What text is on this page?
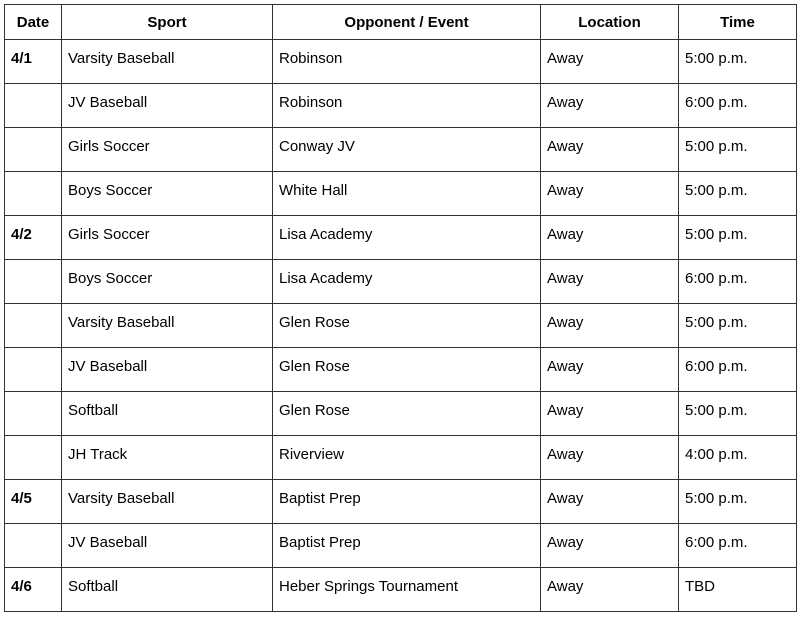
Date	Sport	Opponent / Event	Location	Time
4/1	Varsity Baseball	Robinson	Away	5:00 p.m.
	JV Baseball	Robinson	Away	6:00 p.m.
	Girls Soccer	Conway JV	Away	5:00 p.m.
	Boys Soccer	White Hall	Away	5:00 p.m.
4/2	Girls Soccer	Lisa Academy	Away	5:00 p.m.
	Boys Soccer	Lisa Academy	Away	6:00 p.m.
	Varsity Baseball	Glen Rose	Away	5:00 p.m.
	JV Baseball	Glen Rose	Away	6:00 p.m.
	Softball	Glen Rose	Away	5:00 p.m.
	JH Track	Riverview	Away	4:00 p.m.
4/5	Varsity Baseball	Baptist Prep	Away	5:00 p.m.
	JV Baseball	Baptist Prep	Away	6:00 p.m.
4/6	Softball	Heber Springs Tournament	Away	TBD
